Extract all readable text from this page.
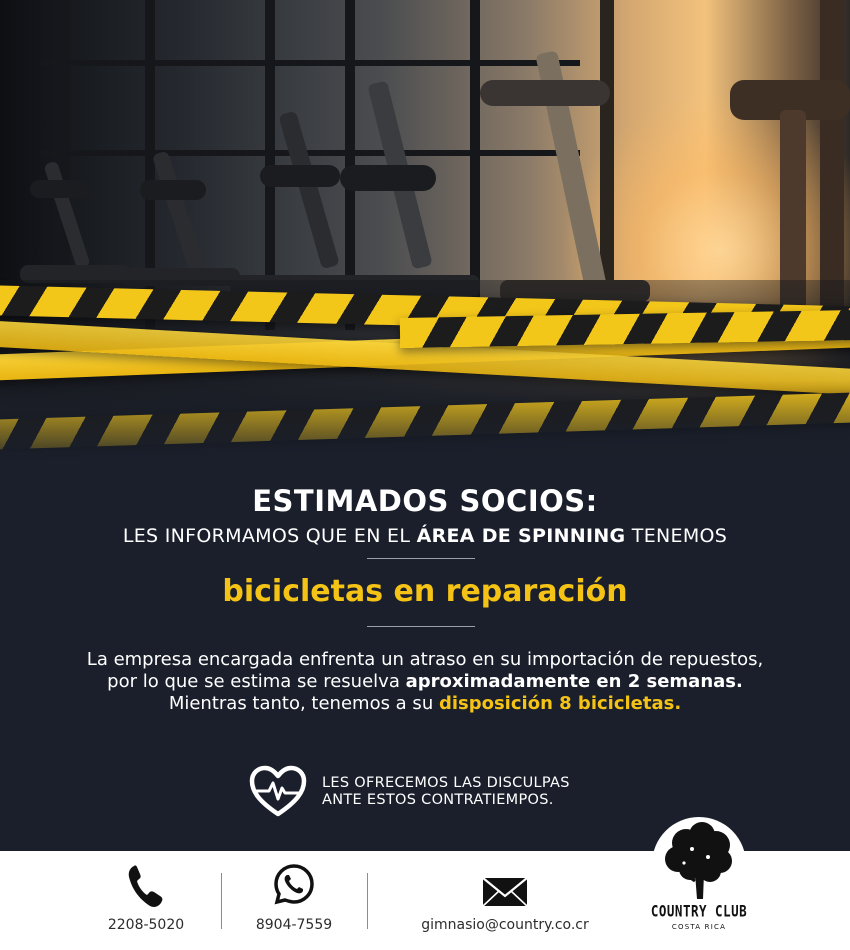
ESTIMADOS SOCIOS:
LES INFORMAMOS QUE EN EL ÁREA DE SPINNING TENEMOS
bicicletas en reparación
La empresa encargada enfrenta un atraso en su importación de repuestos,
por lo que se estima se resuelva aproximadamente en 2 semanas.
Mientras tanto, tenemos a su disposición 8 bicicletas.
LES OFRECEMOS LAS DISCULPAS
ANTE ESTOS CONTRATIEMPOS.
2208-5020	8904-7559	gimnasio@country.co.cr
COUNTRY CLUB
COSTA RICA
